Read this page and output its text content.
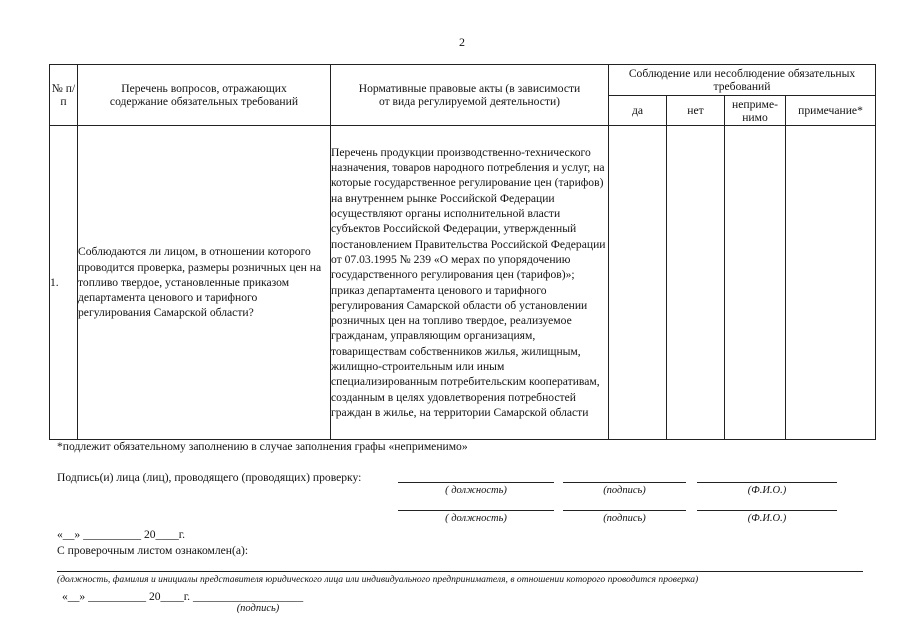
2
№ п/п	Перечень вопросов, отражающих содержание обязательных требований	Нормативные правовые акты (в зависимости от вида регулируемой деятельности)	Соблюдение или несоблюдение обязательных требований			
			да	нет	неприме-нимо	примечание*
1.	Соблюдаются ли лицом, в отношении которого проводится проверка, размеры розничных цен на топливо твердое, установленные приказом департамента ценового и тарифного регулирования Самарской области?	Перечень продукции производственно-технического назначения, товаров народного потребления и услуг, на которые государственное регулирование цен (тарифов) на внутреннем рынке Российской Федерации осуществляют органы исполнительной власти субъектов Российской Федерации, утвержденный постановлением Правительства Российской Федерации от 07.03.1995 № 239 «О мерах по упорядочению государственного регулирования цен (тарифов)»; приказ департамента ценового и тарифного регулирования Самарской области об установлении розничных цен на топливо твердое, реализуемое гражданам, управляющим организациям, товариществам собственников жилья, жилищным, жилищно-строительным или иным специализированным потребительским кооперативам, созданным в целях удовлетворения потребностей граждан в жилье, на территории Самарской области				
*подлежит обязательному заполнению в случае заполнения графы «неприменимо»
Подпись(и) лица (лиц), проводящего (проводящих) проверку:
( должность)	(подпись)	(Ф.И.О.)
( должность)	(подпись)	(Ф.И.О.)
«__» __________ 20____г.
С проверочным листом ознакомлен(а):
(должность, фамилия и инициалы представителя юридического лица или индивидуального предпринимателя, в отношении которого проводится проверка)
«__» __________ 20____г. ___________________
(подпись)
